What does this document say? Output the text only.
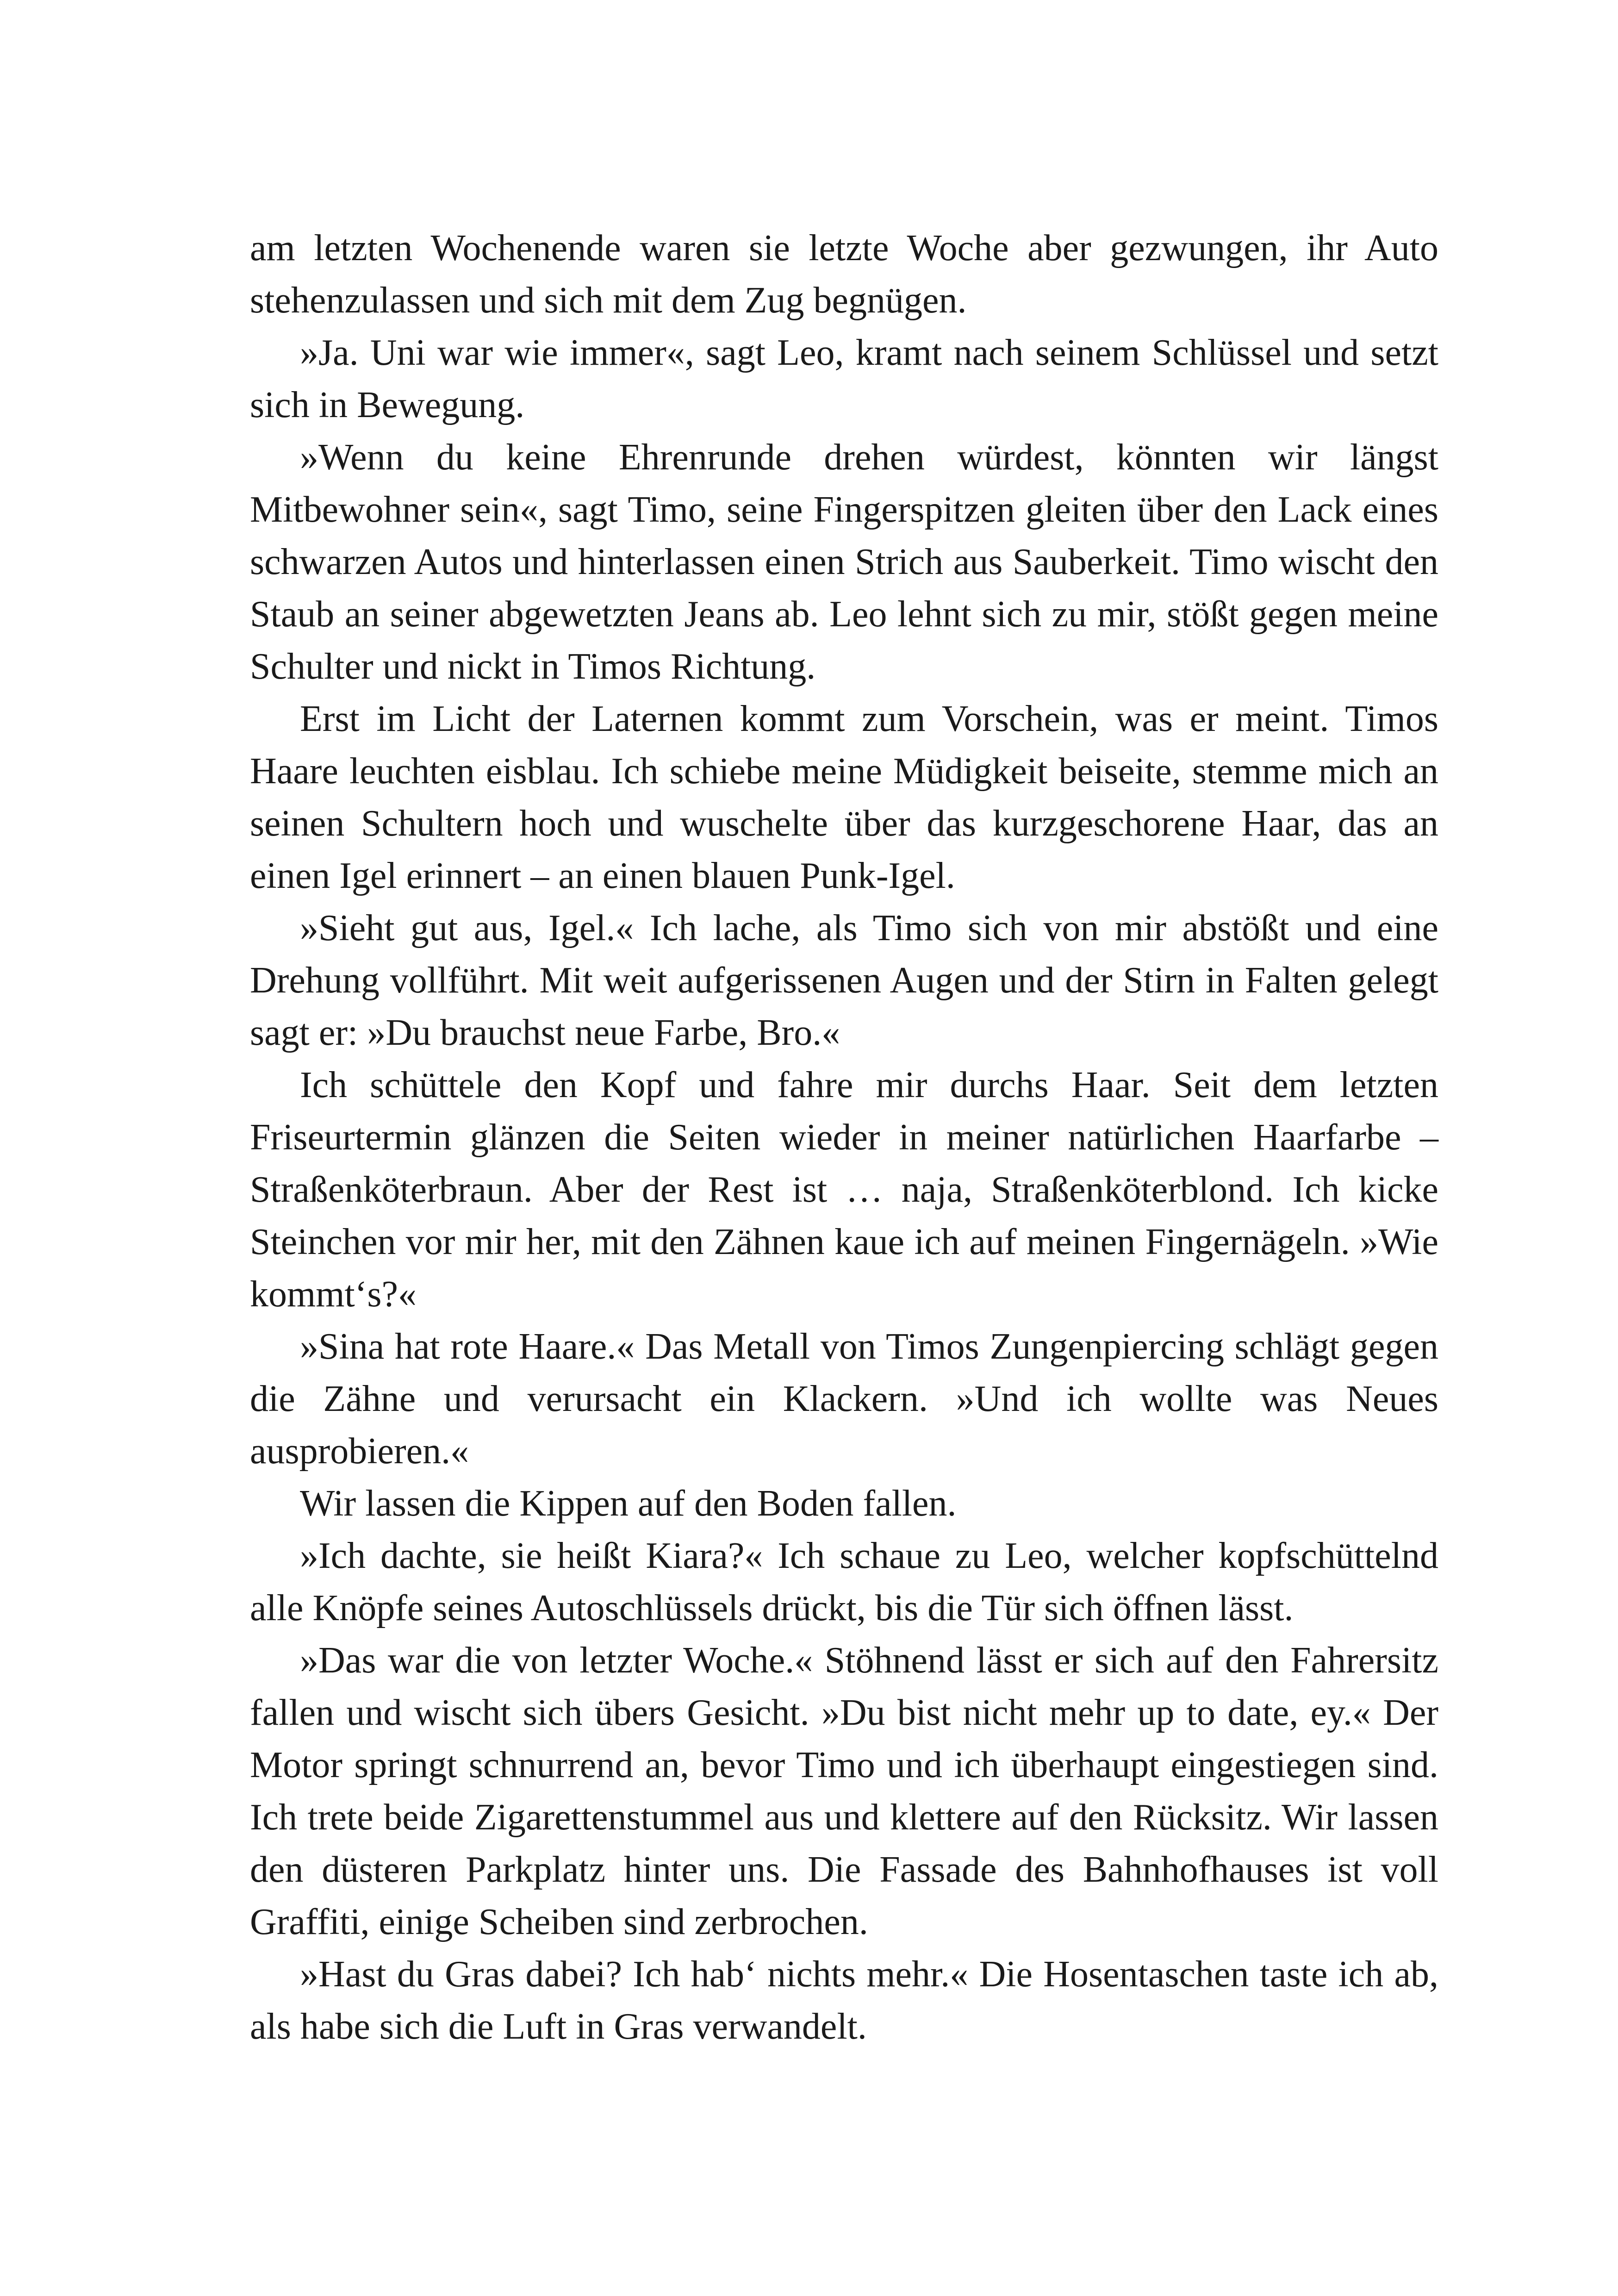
am letzten Wochenende waren sie letzte Woche aber gezwungen, ihr Auto stehenzulassen und sich mit dem Zug begnügen.

»Ja. Uni war wie immer«, sagt Leo, kramt nach seinem Schlüssel und setzt sich in Bewegung.

»Wenn du keine Ehrenrunde drehen würdest, könnten wir längst Mitbewohner sein«, sagt Timo, seine Fingerspitzen gleiten über den Lack eines schwarzen Autos und hinterlassen einen Strich aus Sauberkeit. Timo wischt den Staub an seiner abgewetzten Jeans ab. Leo lehnt sich zu mir, stößt gegen meine Schulter und nickt in Timos Richtung.

Erst im Licht der Laternen kommt zum Vorschein, was er meint. Timos Haare leuchten eisblau. Ich schiebe meine Müdigkeit beiseite, stemme mich an seinen Schultern hoch und wuschelte über das kurzgeschorene Haar, das an einen Igel erinnert – an einen blauen Punk-Igel.

»Sieht gut aus, Igel.« Ich lache, als Timo sich von mir abstößt und eine Drehung vollführt. Mit weit aufgerissenen Augen und der Stirn in Falten gelegt sagt er: »Du brauchst neue Farbe, Bro.«

Ich schüttele den Kopf und fahre mir durchs Haar. Seit dem letzten Friseurtermin glänzen die Seiten wieder in meiner natürlichen Haarfarbe – Straßenköterbraun. Aber der Rest ist … naja, Straßenköterblond. Ich kicke Steinchen vor mir her, mit den Zähnen kaue ich auf meinen Fingernägeln. »Wie kommt‘s?«

»Sina hat rote Haare.« Das Metall von Timos Zungenpiercing schlägt gegen die Zähne und verursacht ein Klackern. »Und ich wollte was Neues ausprobieren.«

Wir lassen die Kippen auf den Boden fallen.

»Ich dachte, sie heißt Kiara?« Ich schaue zu Leo, welcher kopfschüttelnd alle Knöpfe seines Autoschlüssels drückt, bis die Tür sich öffnen lässt.

»Das war die von letzter Woche.« Stöhnend lässt er sich auf den Fahrersitz fallen und wischt sich übers Gesicht. »Du bist nicht mehr up to date, ey.« Der Motor springt schnurrend an, bevor Timo und ich überhaupt eingestiegen sind. Ich trete beide Zigarettenstummel aus und klettere auf den Rücksitz. Wir lassen den düsteren Parkplatz hinter uns. Die Fassade des Bahnhofhauses ist voll Graffiti, einige Scheiben sind zerbrochen.

»Hast du Gras dabei? Ich hab‘ nichts mehr.« Die Hosentaschen taste ich ab, als habe sich die Luft in Gras verwandelt.
